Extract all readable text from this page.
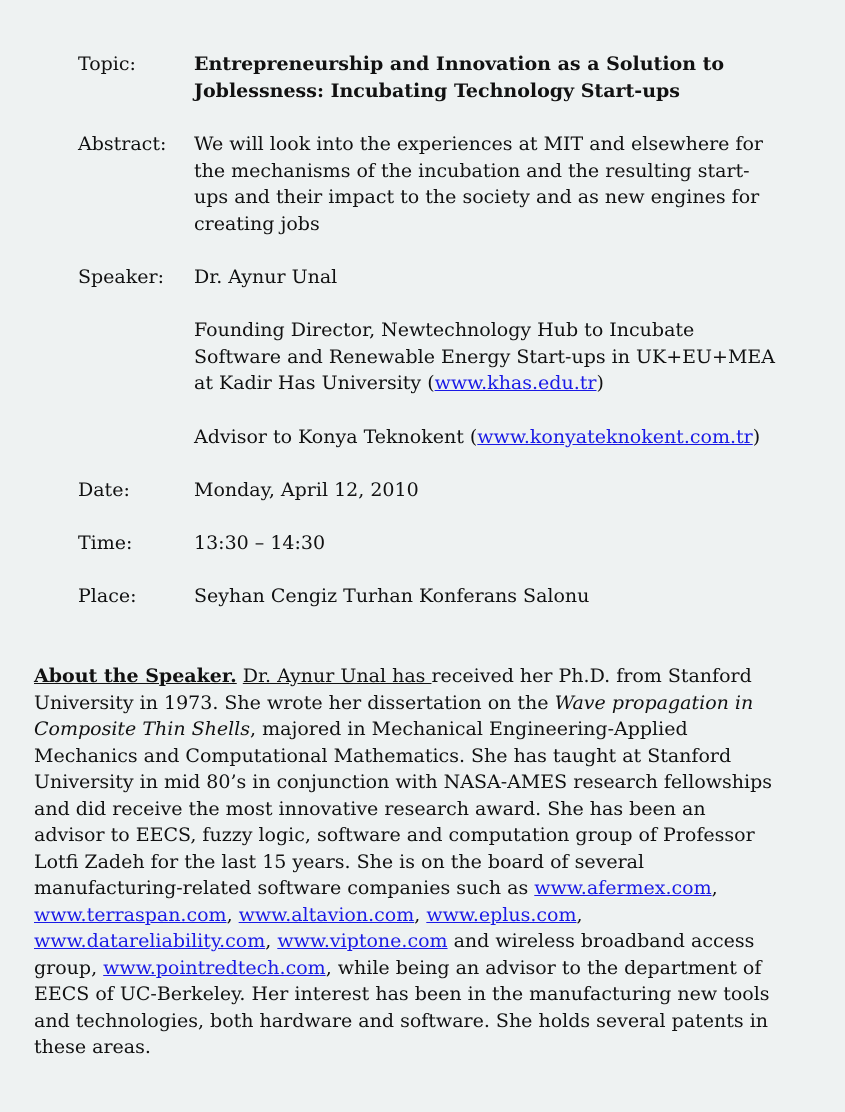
Topic:	Entrepreneurship and Innovation as a Solution to
Joblessness: Incubating Technology Start-ups
Abstract:	We will look into the experiences at MIT and elsewhere for
the mechanisms of the incubation and the resulting start-
ups and their impact to the society and as new engines for
creating jobs
Speaker:	Dr. Aynur Unal
Founding Director, Newtechnology Hub to Incubate
Software and Renewable Energy Start-ups in UK+EU+MEA
at Kadir Has University (www.khas.edu.tr)
Advisor to Konya Teknokent (www.konyateknokent.com.tr)
Date:	Monday, April 12, 2010
Time:	13:30 – 14:30
Place:	Seyhan Cengiz Turhan Konferans Salonu
About the Speaker. Dr. Aynur Unal has received her Ph.D. from Stanford
University in 1973. She wrote her dissertation on the Wave propagation in
Composite Thin Shells, majored in Mechanical Engineering-Applied
Mechanics and Computational Mathematics. She has taught at Stanford
University in mid 80’s in conjunction with NASA-AMES research fellowships
and did receive the most innovative research award. She has been an
advisor to EECS, fuzzy logic, software and computation group of Professor
Lotfi Zadeh for the last 15 years. She is on the board of several
manufacturing-related software companies such as www.afermex.com,
www.terraspan.com, www.altavion.com, www.eplus.com,
www.datareliability.com, www.viptone.com and wireless broadband access
group, www.pointredtech.com, while being an advisor to the department of
EECS of UC-Berkeley. Her interest has been in the manufacturing new tools
and technologies, both hardware and software. She holds several patents in
these areas.
